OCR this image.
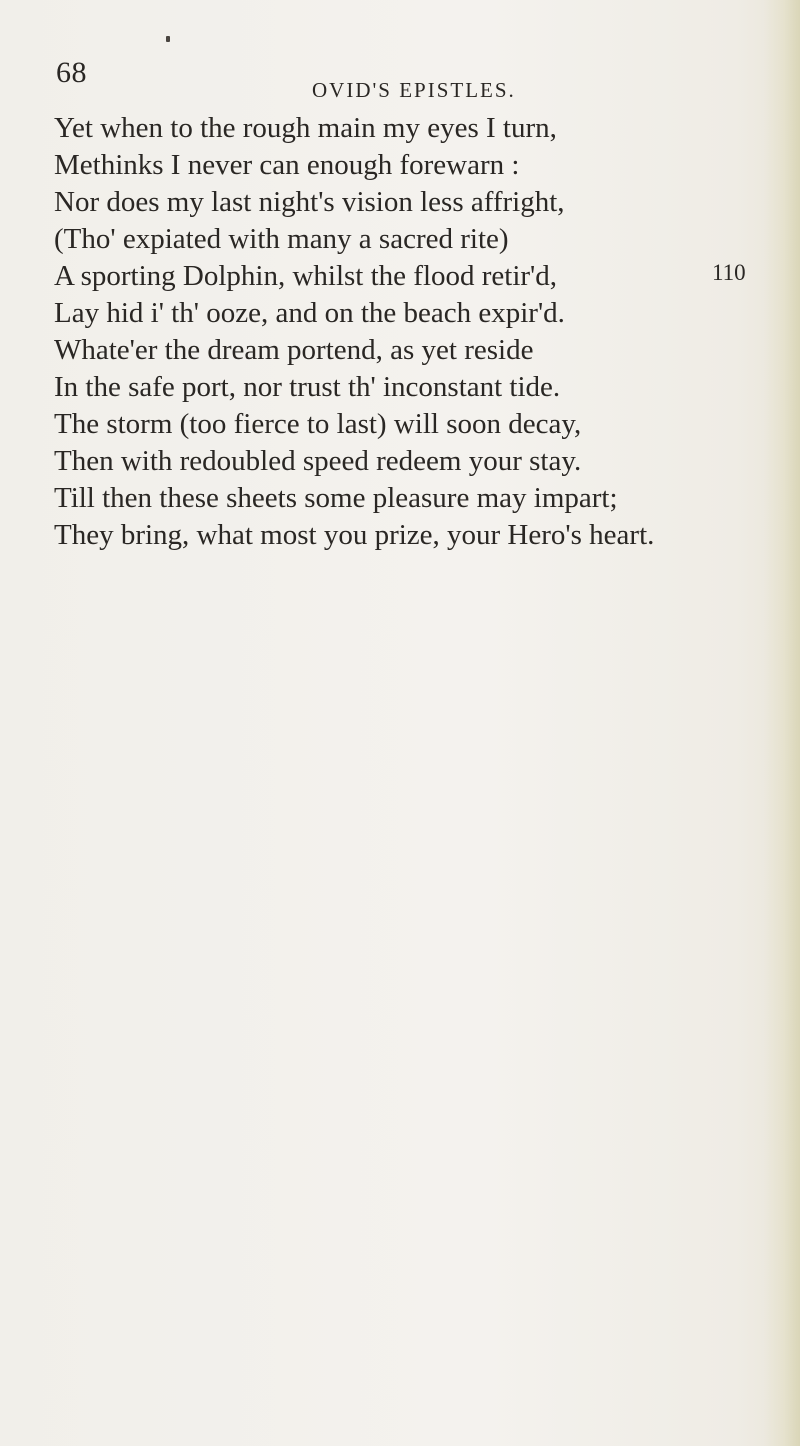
68
OVID'S EPISTLES.
Yet when to the rough main my eyes I turn,
Methinks I never can enough forewarn :
Nor does my last night's vision less affright,
(Tho' expiated with many a sacred rite)
A sporting Dolphin, whilst the flood retir'd,
Lay hid i' th' ooze, and on the beach expir'd.
Whate'er the dream portend, as yet reside
In the safe port, nor trust th' inconstant tide.
The storm (too fierce to last) will soon decay,
Then with redoubled speed redeem your stay.
Till then these sheets some pleasure may impart;
They bring, what most you prize, your Hero's heart.
110
